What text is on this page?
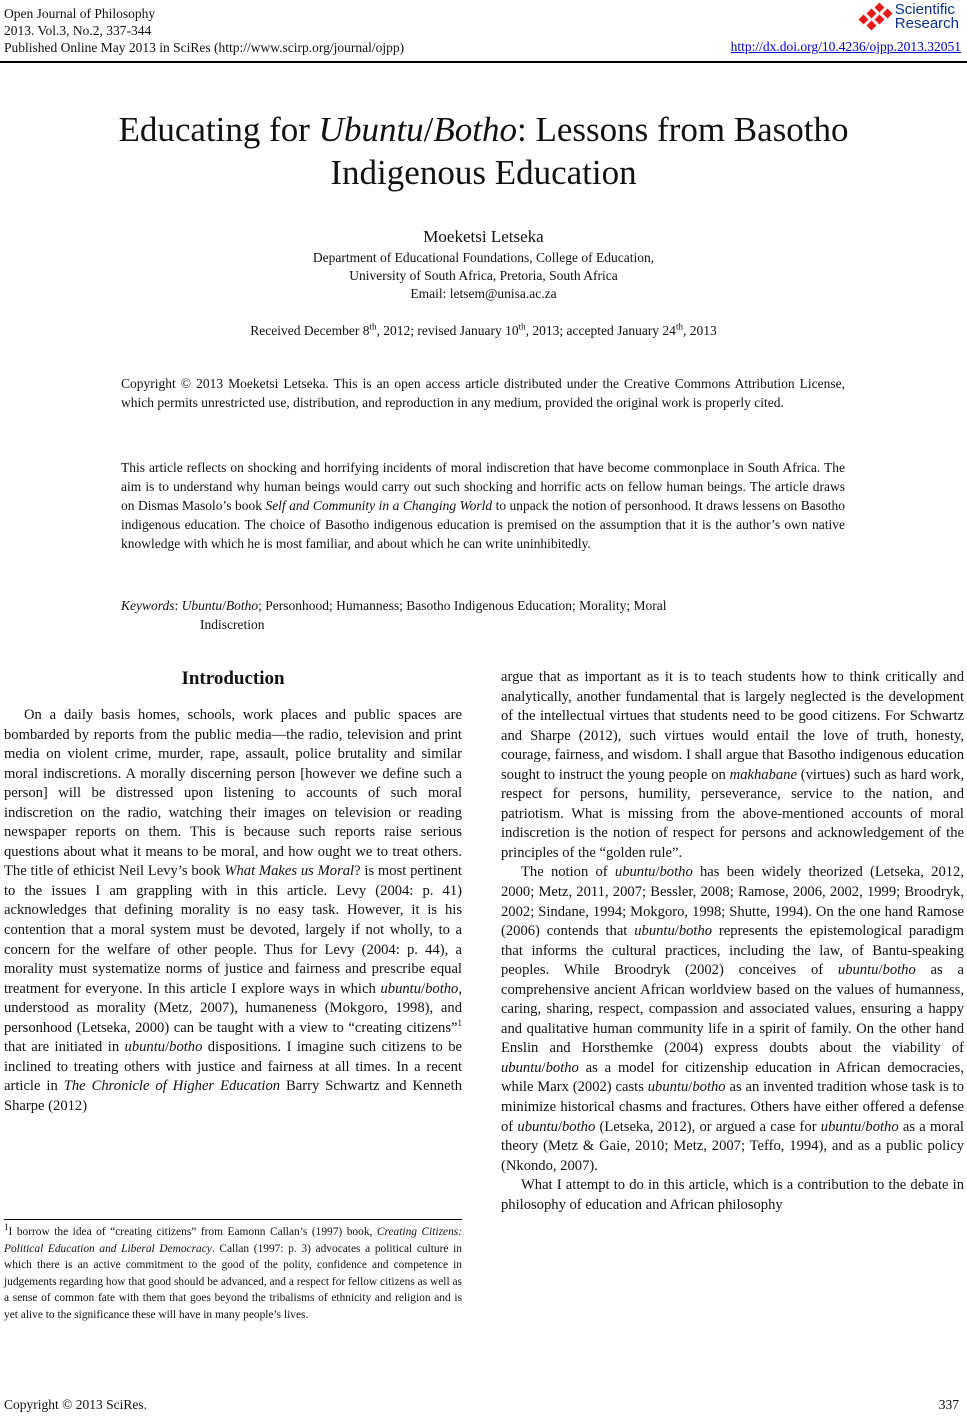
Open Journal of Philosophy
2013. Vol.3, No.2, 337-344
Published Online May 2013 in SciRes (http://www.scirp.org/journal/ojpp)
Scientific
Research
http://dx.doi.org/10.4236/ojpp.2013.32051
Educating for Ubuntu/Botho: Lessons from Basotho
Indigenous Education
Moeketsi Letseka
Department of Educational Foundations, College of Education,
University of South Africa, Pretoria, South Africa
Email: letsem@unisa.ac.za
Received December 8th, 2012; revised January 10th, 2013; accepted January 24th, 2013
Copyright © 2013 Moeketsi Letseka. This is an open access article distributed under the Creative Commons Attribution License, which permits unrestricted use, distribution, and reproduction in any medium, provided the original work is properly cited.
This article reflects on shocking and horrifying incidents of moral indiscretion that have become commonplace in South Africa. The aim is to understand why human beings would carry out such shocking and horrific acts on fellow human beings. The article draws on Dismas Masolo’s book Self and Community in a Changing World to unpack the notion of personhood. It draws lessens on Basotho indigenous education. The choice of Basotho indigenous education is premised on the assumption that it is the author’s own native knowledge with which he is most familiar, and about which he can write uninhibitedly.
Keywords: Ubuntu/Botho; Personhood; Humanness; Basotho Indigenous Education; Morality; Moral
Indiscretion
Introduction

On a daily basis homes, schools, work places and public spaces are bombarded by reports from the public media—the radio, television and print media on violent crime, murder, rape, assault, police brutality and similar moral indiscretions. A morally discerning person [however we define such a person] will be distressed upon listening to accounts of such moral indiscretion on the radio, watching their images on television or reading newspaper reports on them. This is because such reports raise serious questions about what it means to be moral, and how ought we to treat others. The title of ethicist Neil Levy’s book What Makes us Moral? is most pertinent to the issues I am grappling with in this article. Levy (2004: p. 41) acknowledges that defining morality is no easy task. However, it is his contention that a moral system must be devoted, largely if not wholly, to a concern for the welfare of other people. Thus for Levy (2004: p. 44), a morality must systematize norms of justice and fairness and prescribe equal treatment for everyone. In this article I explore ways in which ubuntu/botho, understood as morality (Metz, 2007), humaneness (Mokgoro, 1998), and personhood (Letseka, 2000) can be taught with a view to “creating citizens”$^1$ that are initiated in ubuntu/botho dispositions. I imagine such citizens to be inclined to treating others with justice and fairness at all times. In a recent article in The Chronicle of Higher Education Barry Schwartz and Kenneth Sharpe (2012)

$^1$I borrow the idea of “creating citizens” from Eamonn Callan’s (1997) book, Creating Citizens: Political Education and Liberal Democracy. Callan (1997: p. 3) advocates a political culture in which there is an active commitment to the good of the polity, confidence and competence in judgements regarding how that good should be advanced, and a respect for fellow citizens as well as a sense of common fate with them that goes beyond the tribalisms of ethnicity and religion and is yet alive to the significance these will have in many people’s lives.

argue that as important as it is to teach students how to think critically and analytically, another fundamental that is largely neglected is the development of the intellectual virtues that students need to be good citizens. For Schwartz and Sharpe (2012), such virtues would entail the love of truth, honesty, courage, fairness, and wisdom. I shall argue that Basotho indigenous education sought to instruct the young people on makhabane (virtues) such as hard work, respect for persons, humility, perseverance, service to the nation, and patriotism. What is missing from the above-mentioned accounts of moral indiscretion is the notion of respect for persons and acknowledgement of the principles of the “golden rule”.

The notion of ubuntu/botho has been widely theorized (Letseka, 2012, 2000; Metz, 2011, 2007; Bessler, 2008; Ramose, 2006, 2002, 1999; Broodryk, 2002; Sindane, 1994; Mokgoro, 1998; Shutte, 1994). On the one hand Ramose (2006) contends that ubuntu/botho represents the epistemological paradigm that informs the cultural practices, including the law, of Bantu-speaking peoples. While Broodryk (2002) conceives of ubuntu/botho as a comprehensive ancient African worldview based on the values of humanness, caring, sharing, respect, compassion and associated values, ensuring a happy and qualitative human community life in a spirit of family. On the other hand Enslin and Horsthemke (2004) express doubts about the viability of ubuntu/botho as a model for citizenship education in African democracies, while Marx (2002) casts ubuntu/botho as an invented tradition whose task is to minimize historical chasms and fractures. Others have either offered a defense of ubuntu/botho (Letseka, 2012), or argued a case for ubuntu/botho as a moral theory (Metz & Gaie, 2010; Metz, 2007; Teffo, 1994), and as a public policy (Nkondo, 2007).

What I attempt to do in this article, which is a contribution to the debate in philosophy of education and African philosophy

Copyright © 2013 SciRes.	337
